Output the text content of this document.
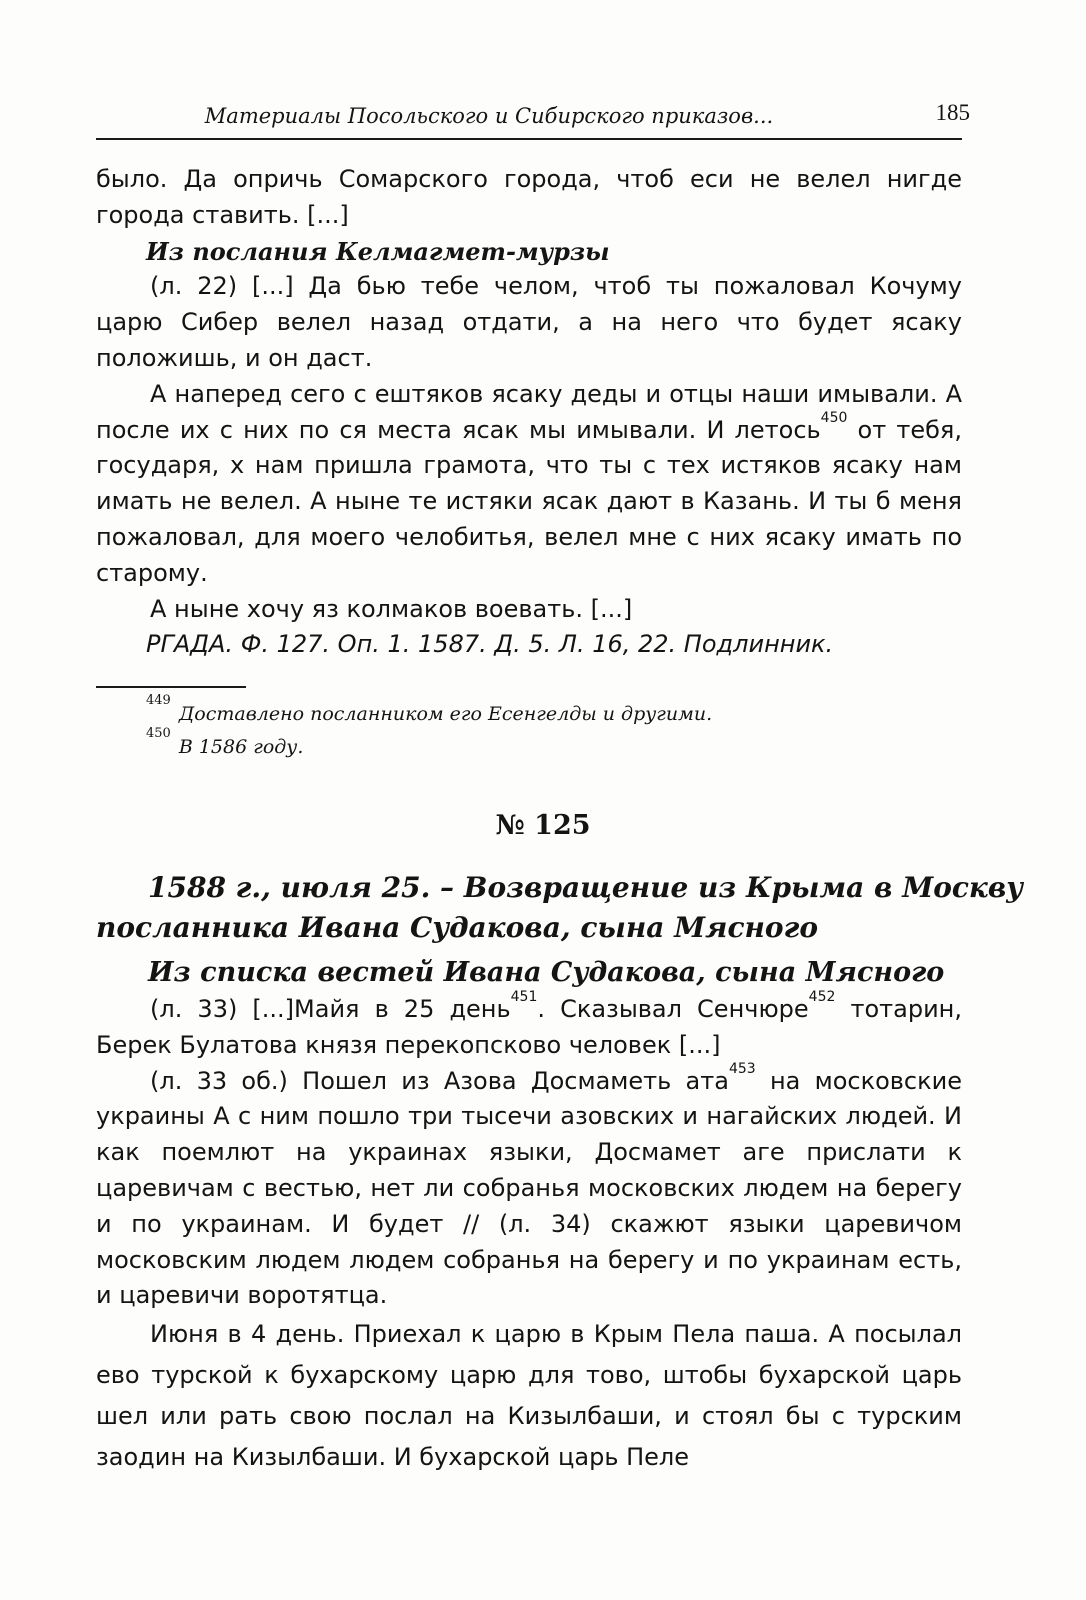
Материалы Посольского и Сибирского приказов...	185

было. Да опричь Сомарского города, чтоб еси не велел нигде города ставить. [...]

Из послания Келмагмет-мурзы

(л. 22) [...] Да бью тебе челом, чтоб ты пожаловал Кочуму царю Сибер велел назад отдати, а на него что будет ясаку положишь, и он даст.

А наперед сего с ештяков ясаку деды и отцы наши имывали. А после их с них по ся места ясак мы имывали. И летось$^{450}$ от тебя, государя, х нам пришла грамота, что ты с тех истяков ясаку нам имать не велел. А ныне те истяки ясак дают в Казань. И ты б меня пожаловал, для моего челобитья, велел мне с них ясаку имать по старому.

А ныне хочу яз колмаков воевать. [...]

РГАДА. Ф. 127. Оп. 1. 1587. Д. 5. Л. 16, 22. Подлинник.

$^{449}$Доставлено посланником его Есенгелды и другими.
$^{450}$В 1586 году.
№ 125
1588 г., июля 25. – Возвращение из Крыма в Москву
посланника Ивана Судакова, сына Мясного

Из списка вестей Ивана Судакова, сына Мясного

(л. 33) [...]Майя в 25 день$^{451}$. Сказывал Сенчюре$^{452}$ тотарин, Берек Булатова князя перекопсково человек [...]

(л. 33 об.) Пошел из Азова Досмаметь ата$^{453}$ на московские украины А с ним пошло три тысечи азовских и нагайских людей. И как поемлют на украинах языки, Досмамет аге прислати к царевичам с вестью, нет ли собранья московских людем на берегу и по украинам. И будет // (л. 34) скажют языки царевичом московским людем людем собранья на берегу и по украинам есть, и царевичи воротятца.

Июня в 4 день. Приехал к царю в Крым Пела паша. А посылал ево турской к бухарскому царю для тово, штобы бухарской царь шел или рать свою послал на Кизылбаши, и стоял бы с турским заодин на Кизылбаши. И бухарской царь Пеле
